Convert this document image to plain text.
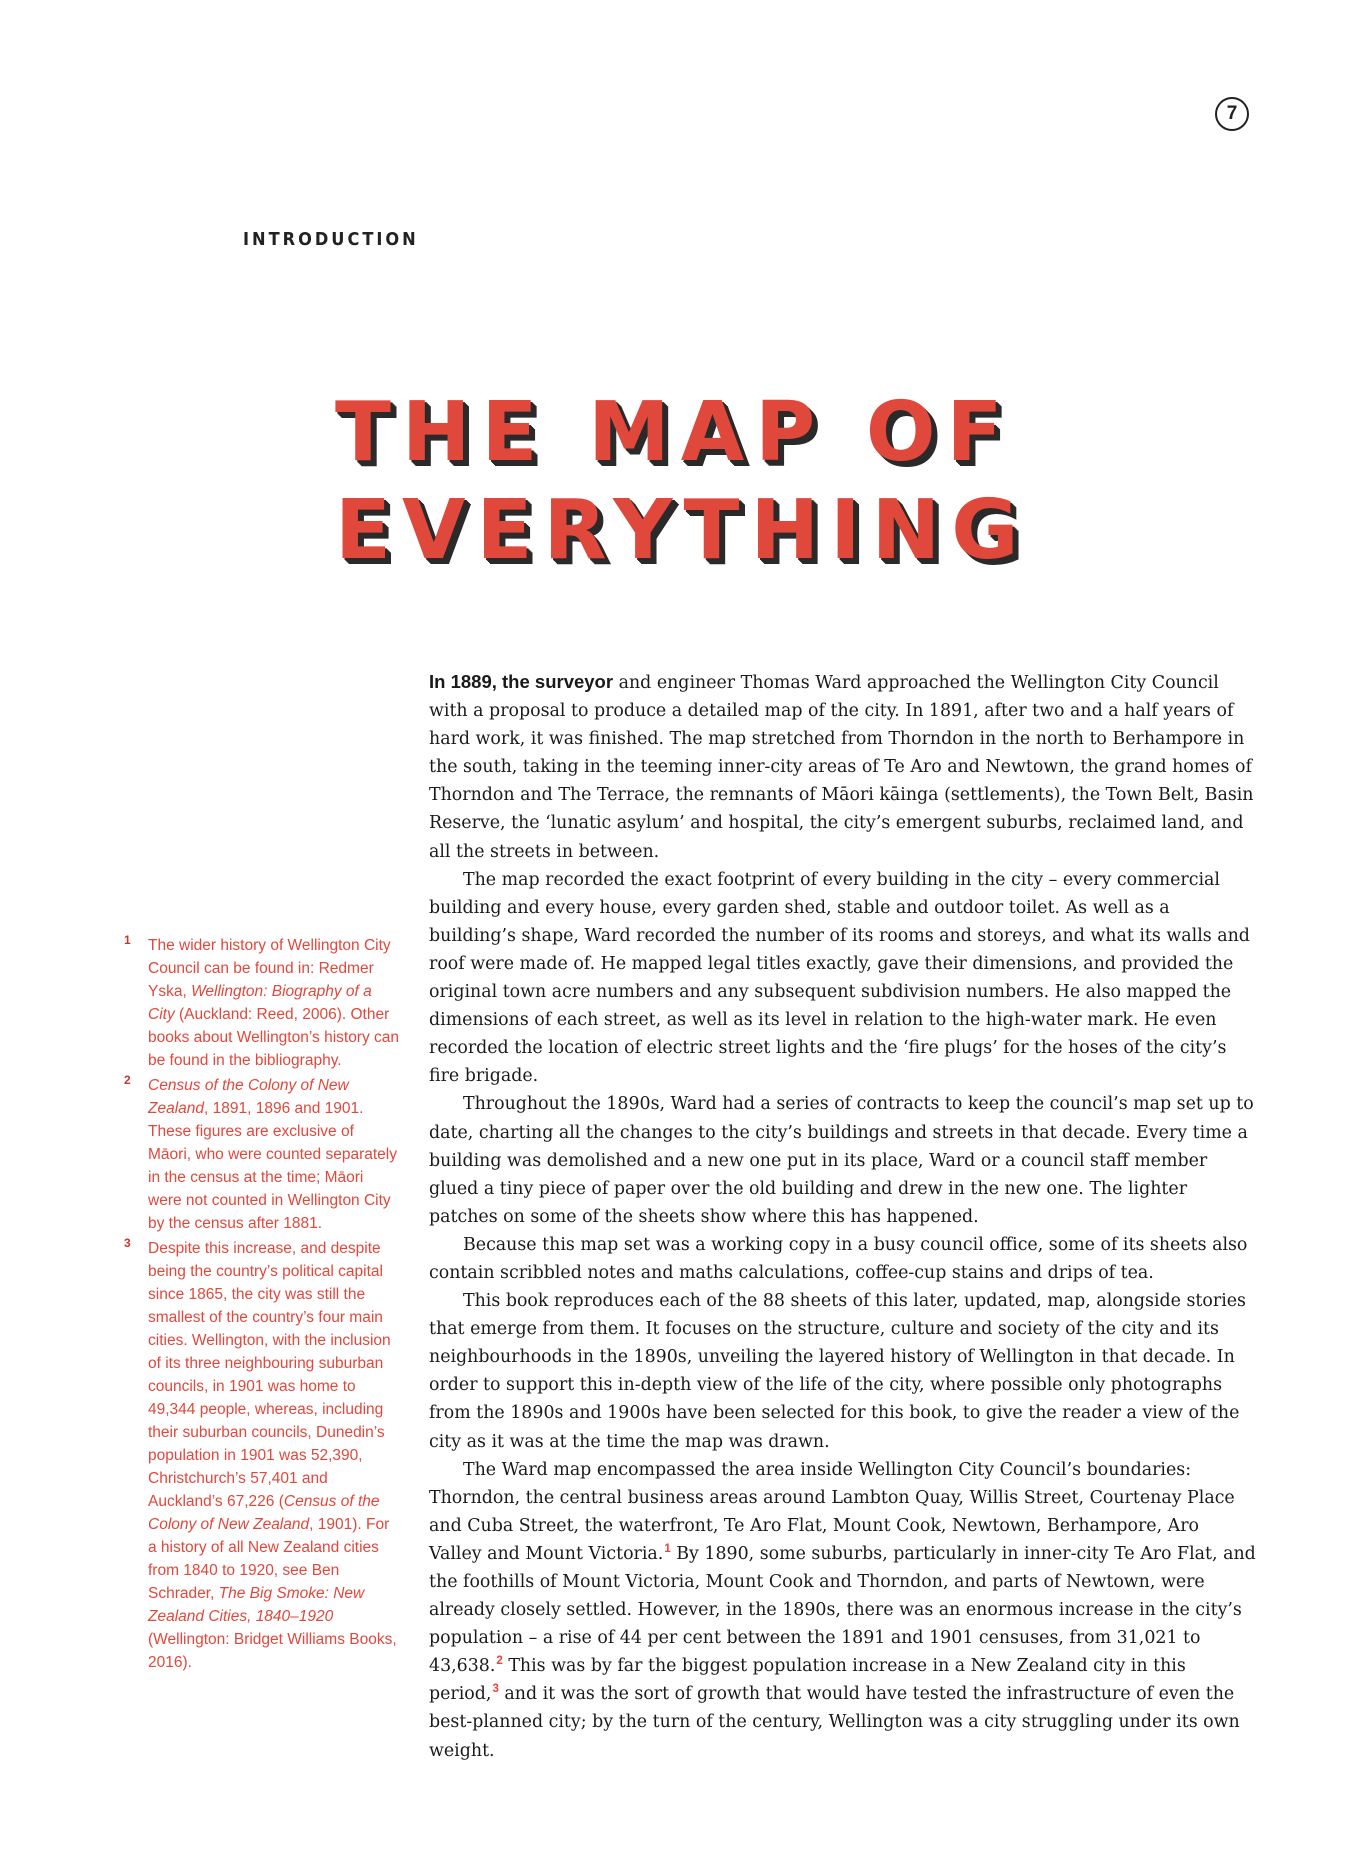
7
INTRODUCTION
THE MAP OF
EVERYTHING
1 The wider history of Wellington City Council can be found in: Redmer Yska, Wellington: Biography of a City (Auckland: Reed, 2006). Other books about Wellington’s history can be found in the bibliography.
2 Census of the Colony of New Zealand, 1891, 1896 and 1901. These figures are exclusive of Māori, who were counted separately in the census at the time; Māori were not counted in Wellington City by the census after 1881.
3 Despite this increase, and despite being the country’s political capital since 1865, the city was still the smallest of the country’s four main cities. Wellington, with the inclusion of its three neighbouring suburban councils, in 1901 was home to 49,344 people, whereas, including their suburban councils, Dunedin’s population in 1901 was 52,390, Christchurch’s 57,401 and Auckland’s 67,226 (Census of the Colony of New Zealand, 1901). For a history of all New Zealand cities from 1840 to 1920, see Ben Schrader, The Big Smoke: New Zealand Cities, 1840–1920 (Wellington: Bridget Williams Books, 2016).

In 1889, the surveyor and engineer Thomas Ward approached the Wellington City Council with a proposal to produce a detailed map of the city. In 1891, after two and a half years of hard work, it was finished. The map stretched from Thorndon in the north to Berhampore in the south, taking in the teeming inner-city areas of Te Aro and Newtown, the grand homes of Thorndon and The Terrace, the remnants of Māori kāinga (settlements), the Town Belt, Basin Reserve, the ‘lunatic asylum’ and hospital, the city’s emergent suburbs, reclaimed land, and all the streets in between.

The map recorded the exact footprint of every building in the city – every commercial building and every house, every garden shed, stable and outdoor toilet. As well as a building’s shape, Ward recorded the number of its rooms and storeys, and what its walls and roof were made of. He mapped legal titles exactly, gave their dimensions, and provided the original town acre numbers and any subsequent subdivision numbers. He also mapped the dimensions of each street, as well as its level in relation to the high-water mark. He even recorded the location of electric street lights and the ‘fire plugs’ for the hoses of the city’s fire brigade.

Throughout the 1890s, Ward had a series of contracts to keep the council’s map set up to date, charting all the changes to the city’s buildings and streets in that decade. Every time a building was demolished and a new one put in its place, Ward or a council staff member glued a tiny piece of paper over the old building and drew in the new one. The lighter patches on some of the sheets show where this has happened.

Because this map set was a working copy in a busy council office, some of its sheets also contain scribbled notes and maths calculations, coffee-cup stains and drips of tea.

This book reproduces each of the 88 sheets of this later, updated, map, alongside stories that emerge from them. It focuses on the structure, culture and society of the city and its neighbourhoods in the 1890s, unveiling the layered history of Wellington in that decade. In order to support this in-depth view of the life of the city, where possible only photographs from the 1890s and 1900s have been selected for this book, to give the reader a view of the city as it was at the time the map was drawn.

The Ward map encompassed the area inside Wellington City Council’s boundaries: Thorndon, the central business areas around Lambton Quay, Willis Street, Courtenay Place and Cuba Street, the waterfront, Te Aro Flat, Mount Cook, Newtown, Berhampore, Aro Valley and Mount Victoria.$^1$ By 1890, some suburbs, particularly in inner-city Te Aro Flat, and the foothills of Mount Victoria, Mount Cook and Thorndon, and parts of Newtown, were already closely settled. However, in the 1890s, there was an enormous increase in the city’s population – a rise of 44 per cent between the 1891 and 1901 censuses, from 31,021 to 43,638.$^2$ This was by far the biggest population increase in a New Zealand city in this period,$^3$ and it was the sort of growth that would have tested the infrastructure of even the best-planned city; by the turn of the century, Wellington was a city struggling under its own weight.
